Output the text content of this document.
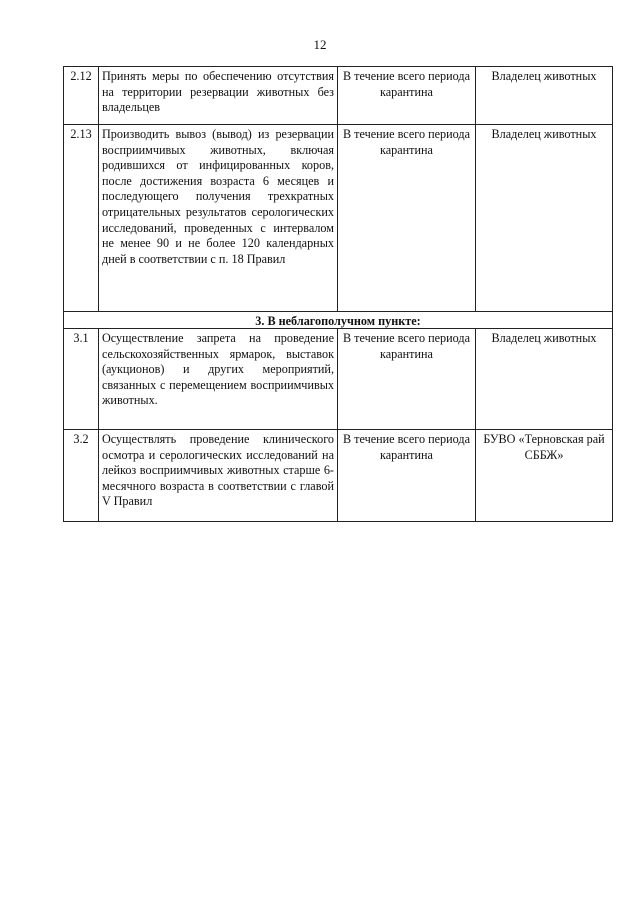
12
2.12	Принять меры по обеспечению отсутствия на территории резервации животных без владельцев	В течение всего периода карантина	Владелец животных
2.13	Производить вывоз (вывод) из резервации восприимчивых животных, включая родившихся от инфицированных коров, после достижения возраста 6 месяцев и последующего получения трехкратных отрицательных результатов серологических исследований, проведенных с интервалом не менее 90 и не более 120 календарных дней в соответствии с п. 18 Правил	В течение всего периода карантина	Владелец животных
3. В неблагополучном пункте:			
3.1	Осуществление запрета на проведение сельскохозяйственных ярмарок, выставок (аукционов) и других мероприятий, связанных с перемещением восприимчивых животных.	В течение всего периода карантина	Владелец животных
3.2	Осуществлять проведение клинического осмотра и серологических исследований на лейкоз восприимчивых животных старше 6-месячного возраста в соответствии с главой V Правил	В течение всего периода карантина	БУВО «Терновская рай СББЖ»
